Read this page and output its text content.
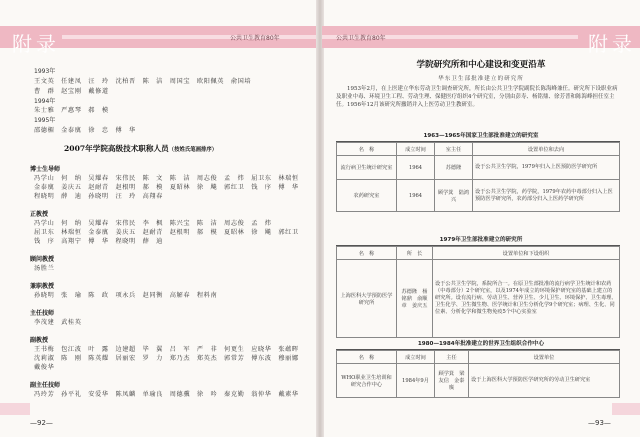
附录	公共卫生教育80年
1993年
王文英　任建凤　汪　玲　沈柏晋　陈　洁　周国宝　欧阳佩英　俞国培
曹　群　赵宝刚　戴修道
1994年
朱士雅　严惠琴　郝　模
1995年
邵德楣　金泰廙　徐　忠　傅　华
2007年学院高级技术职称人员（按姓氏笔画排序）
博士生导师
冯学山　何　纳　吴耀春　宋伟民　陈　文　陈　洁　周志俊　孟　炜　屈卫东　林瑞恒
金泰廙　姜庆五　赵耐青　赵根明　郝　模　夏昭林　徐　飚　郭红卫　钱　序　傅　华
程晓明　薛　迪　孙晓明　汪　玲　高翔春
正教授
冯学山　何　纳　吴耀春　宋伟民　李　枫　陈兴宝　陈　洁　周志俊　孟　炜
屈卫东　林瑞恒　金泰廙　姜庆五　赵耐青　赵根明　郝　模　夏昭林　徐　飚　郭红卫
钱　序　高翔宁　傅　华　程晓明　薛　迪
顾问教授
汤胜兰
兼职教授
孙晓明　张　瑜　陈　政　项永兵　赵同衡　高解春　程料南
主任技师
李茂建　武桂英
副教授
王书梅　包江波　叶　露　边建超　毕　翼　吕　军　严　非　何更生　应晓华　张蕴晖
沈莉淑　陈　刚　陈英耀　居丽宏　罗　力　郑乃杰　郑英杰　郭常芳　傅东波　穆丽娜
戴俊华
副主任技师
冯玲芳　孙平礼　安爱华　陈凤麟　单瑜良　周德骥　徐　吟　秦克勤　翁仲华　戴素华
—92—
公共卫生教育80年	附录
学院研究所和中心建设和变更沿革
华东卫生部批准建立的研究所
1953年2月，在上医建立华东劳动卫生调查研究所，所长由公共卫生学院副院长陈海峰兼任。研究所下设职业病及职业中毒、环境卫生工程、劳动生理、保健医疗组织4个研究室，分别由彭寿、杨铭鼎、徐芳普和陈海峰担任室主任。1956年12月该研究所撤销并入上医劳动卫生教研室。
1963—1965年国家卫生部批准建立的研究室
名　称	成立时间	室主任	设置单位和去向
流行病卫生统计研究室	1964	苏德隆	设于公共卫生学院，1979年归入上医预防医学研究所
农药研究室	1964	顾学箕　陆鸿兴	设于公共卫生学院，药学院，1979年农药中毒部分归入上医预防医学研究所，农药部分归入上医药学研究所
1979年卫生部批准建立的研究所
名　称	所　长	设置单位和下设组织
上海医科大学预防医学研究所	苏德隆　杨铭鼎　俞顺章　姜庆五	设于公共卫生学院，系院所合一。在原卫生部批准的流行病学卫生统计和农药（中毒部分）2个研究室，以及1974年成立的环境保护研究室的基础上建立的研究所。设有流行病、劳动卫生、营养卫生、少儿卫生、环境保护、卫生毒理、卫生化学、卫生微生物、医学统计和卫生分析化学9个研究室；病理、生化、同位素、分析化学和微生物免疫5个中心实验室
1980—1984年批准建立的世界卫生组织合作中心
名　称	成立时间	主任	设置单位
WHO职业卫生培训和研究合作中心	1984年9月	顾学箕　梁友信　金泰廙	设于上海医科大学预防医学研究所的劳动卫生研究室
—93—
